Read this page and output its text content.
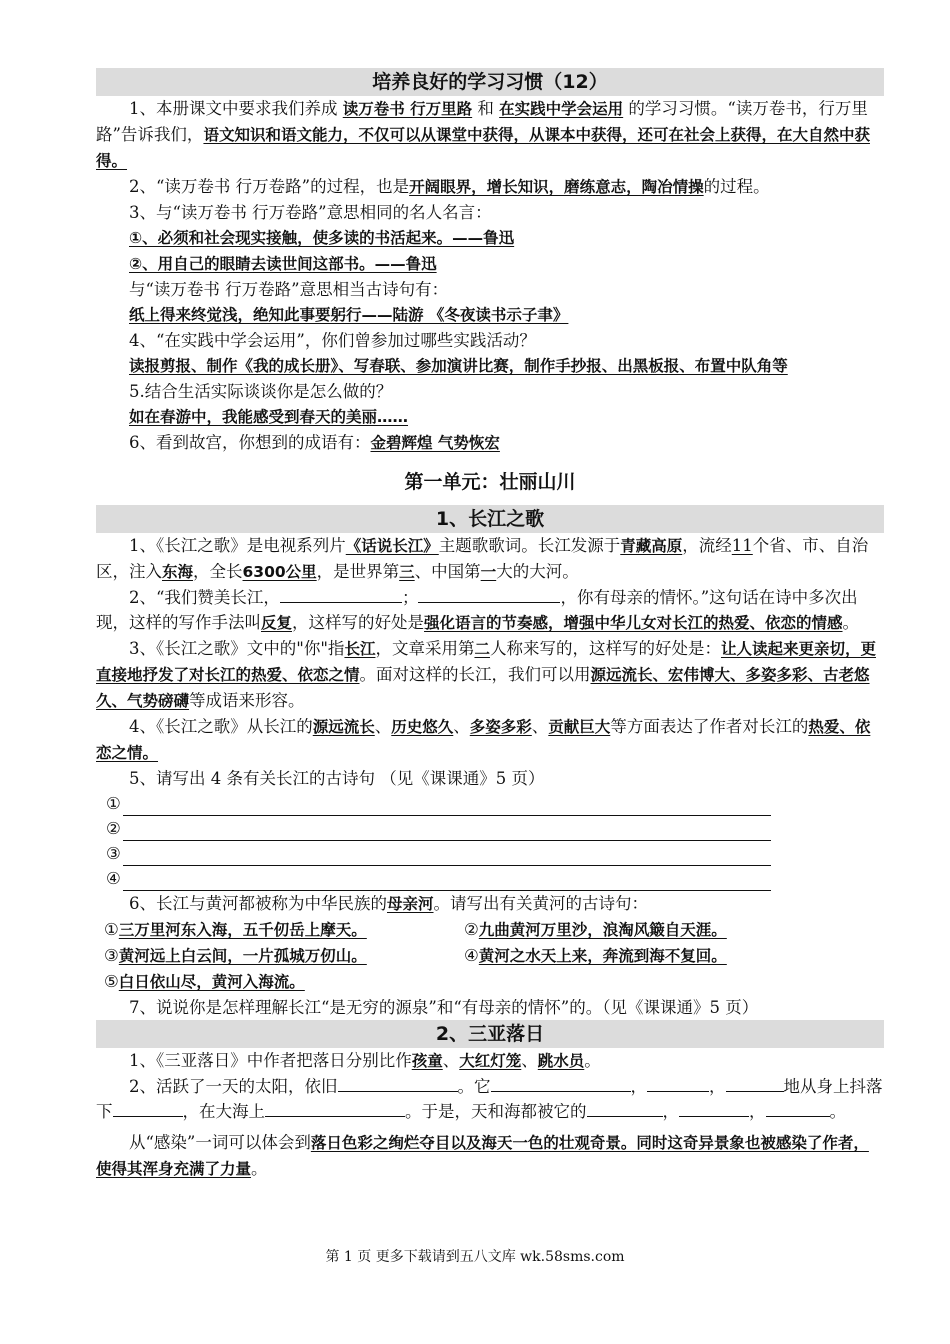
培养良好的学习习惯（12）

1、本册课文中要求我们养成 读万卷书 行万里路 和 在实践中学会运用 的学习习惯。“读万卷书，行万里路”告诉我们，语文知识和语文能力，不仅可以从课堂中获得，从课本中获得，还可在社会上获得，在大自然中获得。

2、“读万卷书 行万卷路”的过程，也是开阔眼界，增长知识，磨练意志，陶冶情操的过程。

3、与“读万卷书 行万卷路”意思相同的名人名言：

①、必须和社会现实接触，使多读的书活起来。——鲁迅

②、用自己的眼睛去读世间这部书。——鲁迅

与“读万卷书 行万卷路”意思相当古诗句有：

纸上得来终觉浅，绝知此事要躬行——陆游 《冬夜读书示子聿》

4、“在实践中学会运用”，你们曾参加过哪些实践活动？

读报剪报、制作《我的成长册》、写春联、参加演讲比赛，制作手抄报、出黑板报、布置中队角等

5.结合生活实际谈谈你是怎么做的？

如在春游中，我能感受到春天的美丽……

6、看到故宫，你想到的成语有：金碧辉煌 气势恢宏

第一单元：壮丽山川
1、长江之歌

1、《长江之歌》是电视系列片《话说长江》主题歌歌词。长江发源于青藏高原，流经11个省、市、自治区，注入东海，全长6300公里，是世界第三、中国第一大的大河。

2、“我们赞美长江，	；	，你有母亲的情怀。”这句话在诗中多次出现，这样的写作手法叫反复，这样写的好处是强化语言的节奏感，增强中华儿女对长江的热爱、依恋的情感。

3、《长江之歌》文中的"你"指长江，文章采用第二人称来写的，这样写的好处是：让人读起来更亲切，更直接地抒发了对长江的热爱、依恋之情。面对这样的长江，我们可以用源远流长、宏伟博大、多姿多彩、古老悠久、气势磅礴等成语来形容。

4、《长江之歌》从长江的源远流长、历史悠久、多姿多彩、贡献巨大等方面表达了作者对长江的热爱、依恋之情。

5、请写出 4 条有关长江的古诗句 （见《课课通》5 页）

①
②
③
④

6、长江与黄河都被称为中华民族的母亲河。请写出有关黄河的古诗句：

①三万里河东入海，五千仞岳上摩天。	②九曲黄河万里沙，浪淘风簸自天涯。
③黄河远上白云间，一片孤城万仞山。	④黄河之水天上来，奔流到海不复回。
⑤白日依山尽，黄河入海流。

7、说说你是怎样理解长江“是无穷的源泉”和“有母亲的情怀”的。（见《课课通》5 页）

2、三亚落日

1、《三亚落日》中作者把落日分别比作孩童、大红灯笼、跳水员。

2、活跃了一天的太阳，依旧	。它	，	，	地从身上抖落下	，在大海上	。于是，天和海都被它的	，	，	。

从“感染”一词可以体会到落日色彩之绚烂夺目以及海天一色的壮观奇景。同时这奇异景象也被感染了作者，使得其浑身充满了力量。

第 1 页 更多下载请到五八文库 wk.58sms.com
